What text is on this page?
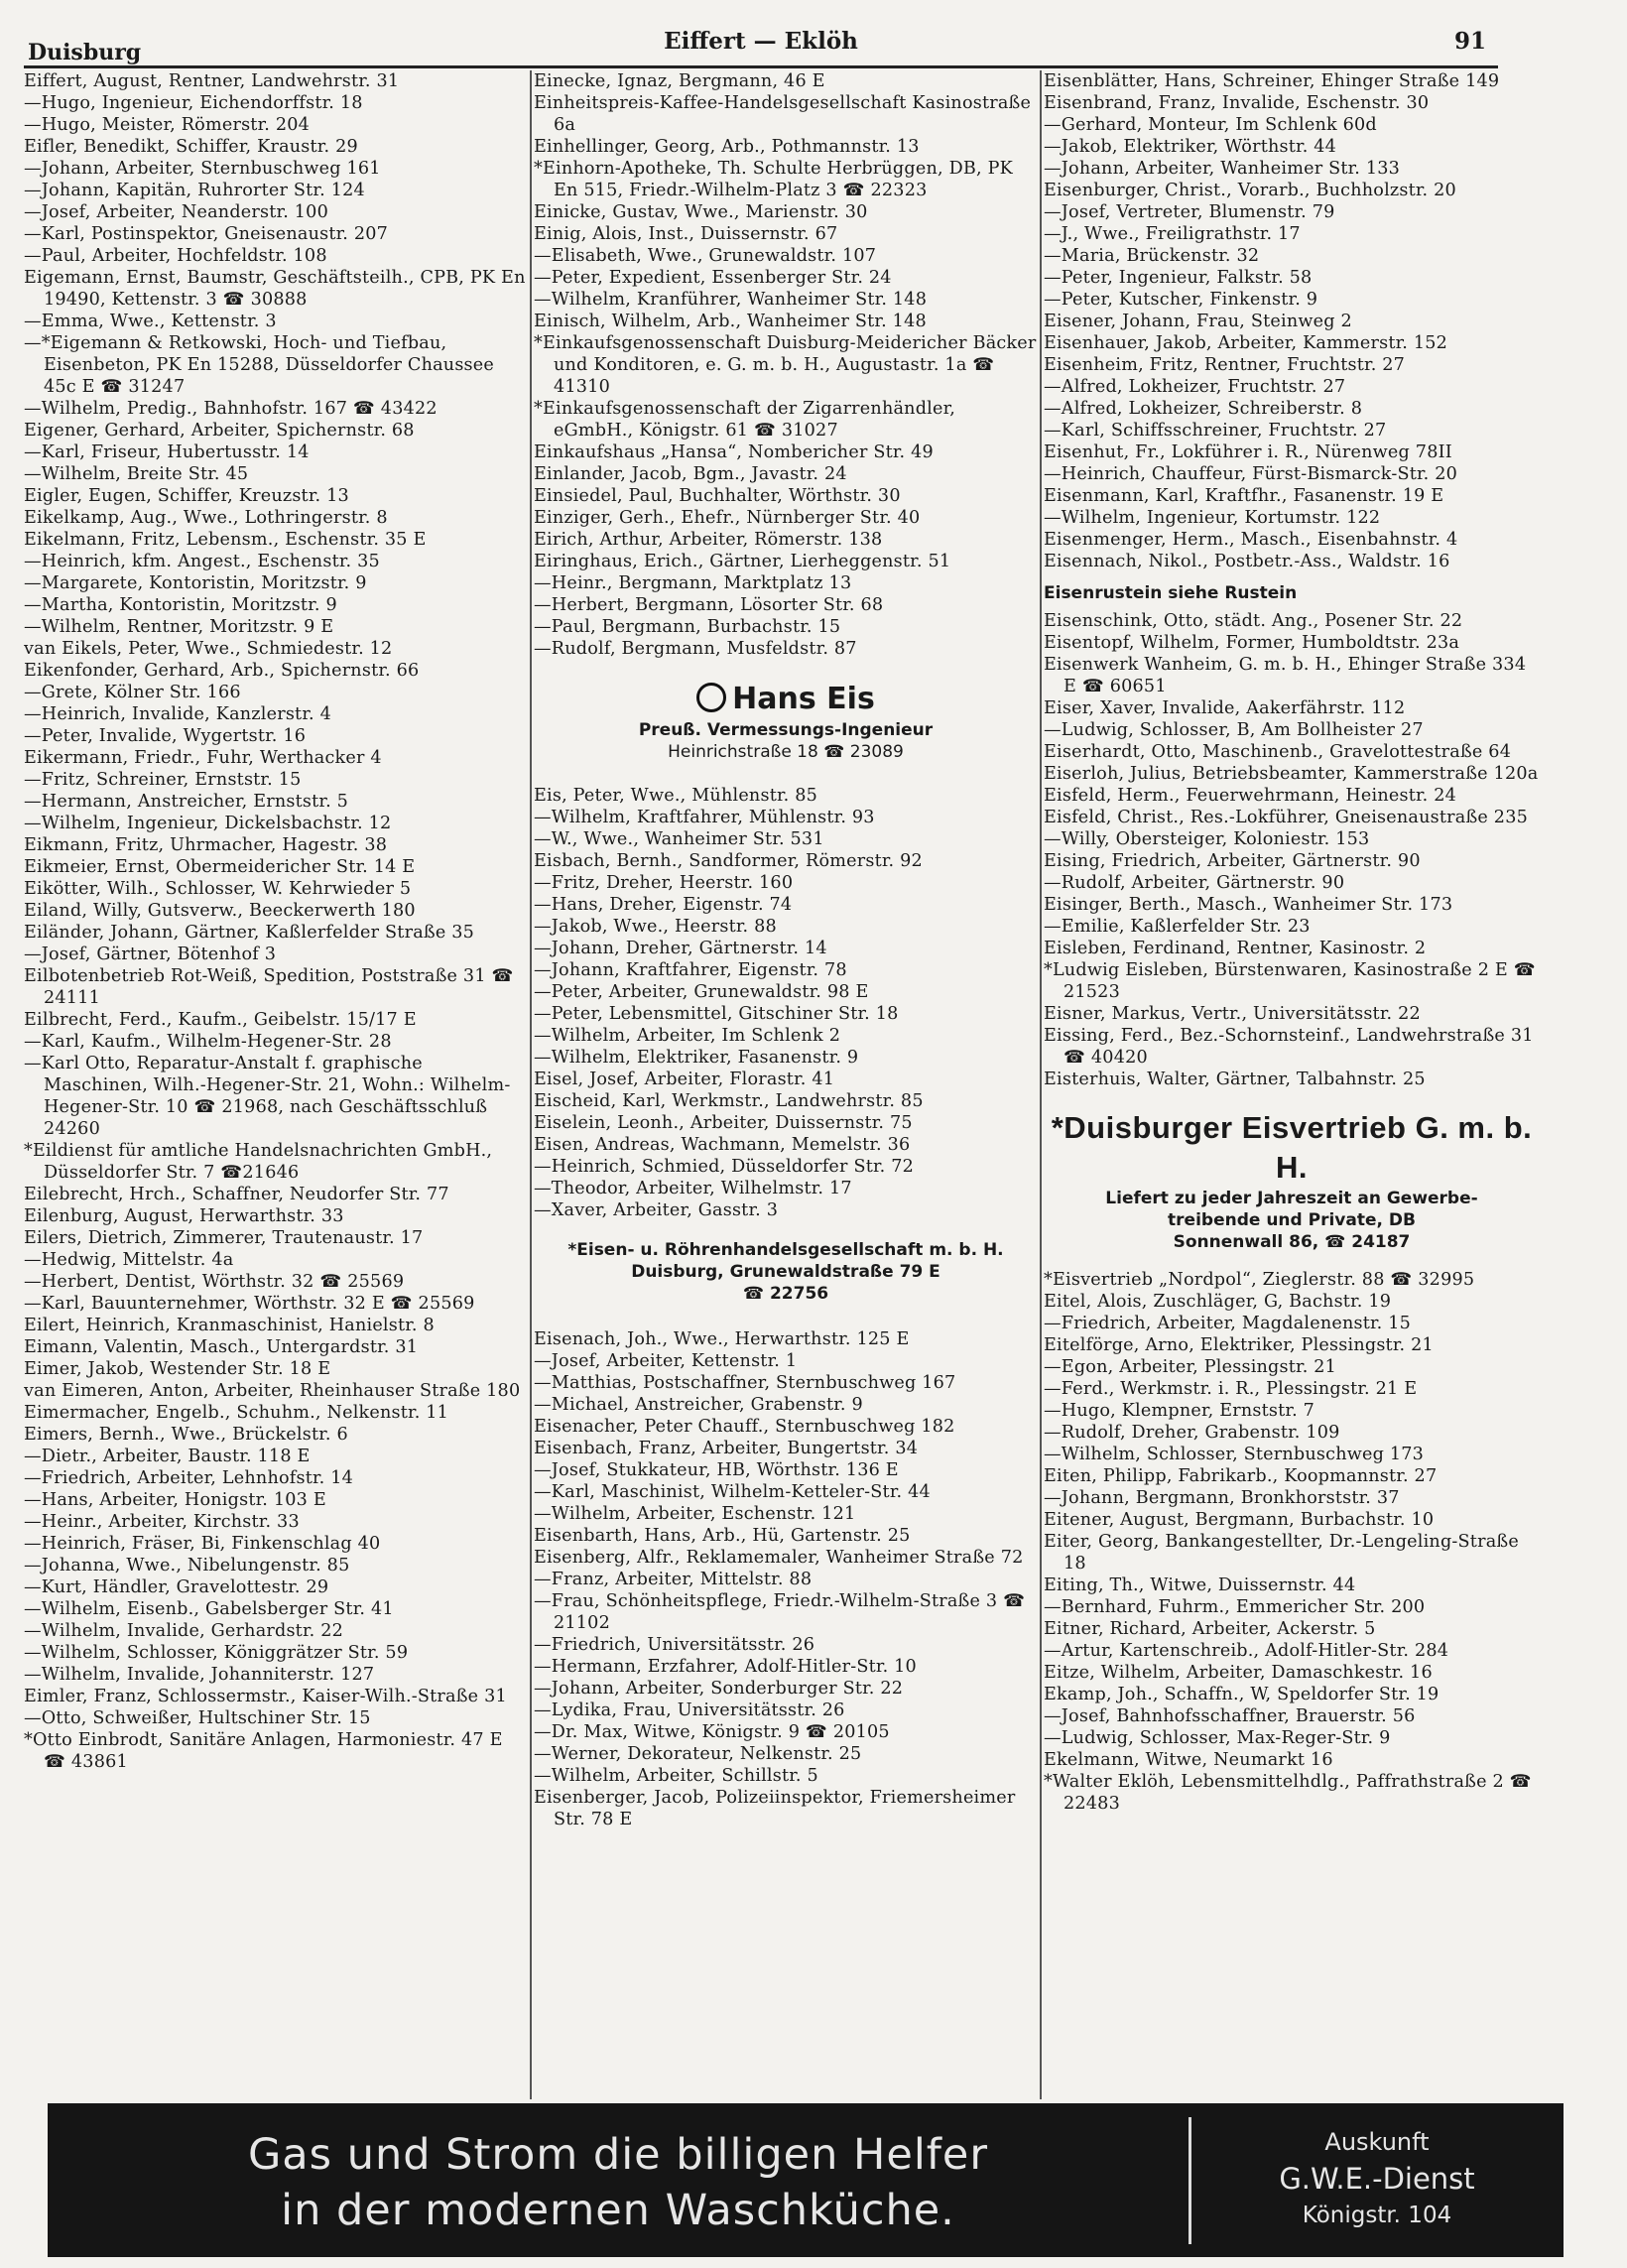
Duisburg	Eiffert — Eklöh	91
Eiffert, August, Rentner, Landwehrstr. 31
—Hugo, Ingenieur, Eichendorffstr. 18
—Hugo, Meister, Römerstr. 204
Eifler, Benedikt, Schiffer, Kraustr. 29
—Johann, Arbeiter, Sternbuschweg 161
—Johann, Kapitän, Ruhrorter Str. 124
—Josef, Arbeiter, Neanderstr. 100
—Karl, Postinspektor, Gneisenaustr. 207
—Paul, Arbeiter, Hochfeldstr. 108
Eigemann, Ernst, Baumstr, Geschäftsteilh., CPB, PK En 19490, Kettenstr. 3 ☎ 30888
—Emma, Wwe., Kettenstr. 3
—*Eigemann & Retkowski, Hoch- und Tiefbau, Eisenbeton, PK En 15288, Düsseldorfer Chaussee 45c E ☎ 31247
—Wilhelm, Predig., Bahnhofstr. 167 ☎ 43422
Eigener, Gerhard, Arbeiter, Spichernstr. 68
—Karl, Friseur, Hubertusstr. 14
—Wilhelm, Breite Str. 45
Eigler, Eugen, Schiffer, Kreuzstr. 13
Eikelkamp, Aug., Wwe., Lothringerstr. 8
Eikelmann, Fritz, Lebensm., Eschenstr. 35 E
—Heinrich, kfm. Angest., Eschenstr. 35
—Margarete, Kontoristin, Moritzstr. 9
—Martha, Kontoristin, Moritzstr. 9
—Wilhelm, Rentner, Moritzstr. 9 E
van Eikels, Peter, Wwe., Schmiedestr. 12
Eikenfonder, Gerhard, Arb., Spichernstr. 66
—Grete, Kölner Str. 166
—Heinrich, Invalide, Kanzlerstr. 4
—Peter, Invalide, Wygertstr. 16
Eikermann, Friedr., Fuhr, Werthacker 4
—Fritz, Schreiner, Ernststr. 15
—Hermann, Anstreicher, Ernststr. 5
—Wilhelm, Ingenieur, Dickelsbachstr. 12
Eikmann, Fritz, Uhrmacher, Hagestr. 38
Eikmeier, Ernst, Obermeidericher Str. 14 E
Eikötter, Wilh., Schlosser, W. Kehrwieder 5
Eiland, Willy, Gutsverw., Beeckerwerth 180
Eiländer, Johann, Gärtner, Kaßlerfelder Straße 35
—Josef, Gärtner, Bötenhof 3
Eilbotenbetrieb Rot-Weiß, Spedition, Poststraße 31 ☎ 24111
Eilbrecht, Ferd., Kaufm., Geibelstr. 15/17 E
—Karl, Kaufm., Wilhelm-Hegener-Str. 28
—Karl Otto, Reparatur-Anstalt f. graphische Maschinen, Wilh.-Hegener-Str. 21, Wohn.: Wilhelm-Hegener-Str. 10 ☎ 21968, nach Geschäftsschluß 24260
*Eildienst für amtliche Handelsnachrichten GmbH., Düsseldorfer Str. 7 ☎21646
Eilebrecht, Hrch., Schaffner, Neudorfer Str. 77
Eilenburg, August, Herwarthstr. 33
Eilers, Dietrich, Zimmerer, Trautenaustr. 17
—Hedwig, Mittelstr. 4a
—Herbert, Dentist, Wörthstr. 32 ☎ 25569
—Karl, Bauunternehmer, Wörthstr. 32 E ☎ 25569
Eilert, Heinrich, Kranmaschinist, Hanielstr. 8
Eimann, Valentin, Masch., Untergardstr. 31
Eimer, Jakob, Westender Str. 18 E
van Eimeren, Anton, Arbeiter, Rheinhauser Straße 180
Eimermacher, Engelb., Schuhm., Nelkenstr. 11
Eimers, Bernh., Wwe., Brückelstr. 6
—Dietr., Arbeiter, Baustr. 118 E
—Friedrich, Arbeiter, Lehnhofstr. 14
—Hans, Arbeiter, Honigstr. 103 E
—Heinr., Arbeiter, Kirchstr. 33
—Heinrich, Fräser, Bi, Finkenschlag 40
—Johanna, Wwe., Nibelungenstr. 85
—Kurt, Händler, Gravelottestr. 29
—Wilhelm, Eisenb., Gabelsberger Str. 41
—Wilhelm, Invalide, Gerhardstr. 22
—Wilhelm, Schlosser, Königgrätzer Str. 59
—Wilhelm, Invalide, Johanniterstr. 127
Eimler, Franz, Schlossermstr., Kaiser-Wilh.-Straße 31
—Otto, Schweißer, Hultschiner Str. 15
*Otto Einbrodt, Sanitäre Anlagen, Harmoniestr. 47 E ☎ 43861
Einecke, Ignaz, Bergmann, 46 E
Einheitspreis-Kaffee-Handelsgesellschaft Kasinostraße 6a
Einhellinger, Georg, Arb., Pothmannstr. 13
*Einhorn-Apotheke, Th. Schulte Herbrüggen, DB, PK En 515, Friedr.-Wilhelm-Platz 3 ☎ 22323
Einicke, Gustav, Wwe., Marienstr. 30
Einig, Alois, Inst., Duissernstr. 67
—Elisabeth, Wwe., Grunewaldstr. 107
—Peter, Expedient, Essenberger Str. 24
—Wilhelm, Kranführer, Wanheimer Str. 148
Einisch, Wilhelm, Arb., Wanheimer Str. 148
*Einkaufsgenossenschaft Duisburg-Meidericher Bäcker und Konditoren, e. G. m. b. H., Augustastr. 1a ☎ 41310
*Einkaufsgenossenschaft der Zigarrenhändler, eGmbH., Königstr. 61 ☎ 31027
Einkaufshaus „Hansa“, Nombericher Str. 49
Einlander, Jacob, Bgm., Javastr. 24
Einsiedel, Paul, Buchhalter, Wörthstr. 30
Einziger, Gerh., Ehefr., Nürnberger Str. 40
Eirich, Arthur, Arbeiter, Römerstr. 138
Eiringhaus, Erich., Gärtner, Lierheggenstr. 51
—Heinr., Bergmann, Marktplatz 13
—Herbert, Bergmann, Lösorter Str. 68
—Paul, Bergmann, Burbachstr. 15
—Rudolf, Bergmann, Musfeldstr. 87
Hans Eis
Preuß. Vermessungs-Ingenieur
Heinrichstraße 18 ☎ 23089
Eis, Peter, Wwe., Mühlenstr. 85
—Wilhelm, Kraftfahrer, Mühlenstr. 93
—W., Wwe., Wanheimer Str. 531
Eisbach, Bernh., Sandformer, Römerstr. 92
—Fritz, Dreher, Heerstr. 160
—Hans, Dreher, Eigenstr. 74
—Jakob, Wwe., Heerstr. 88
—Johann, Dreher, Gärtnerstr. 14
—Johann, Kraftfahrer, Eigenstr. 78
—Peter, Arbeiter, Grunewaldstr. 98 E
—Peter, Lebensmittel, Gitschiner Str. 18
—Wilhelm, Arbeiter, Im Schlenk 2
—Wilhelm, Elektriker, Fasanenstr. 9
Eisel, Josef, Arbeiter, Florastr. 41
Eischeid, Karl, Werkmstr., Landwehrstr. 85
Eiselein, Leonh., Arbeiter, Duissernstr. 75
Eisen, Andreas, Wachmann, Memelstr. 36
—Heinrich, Schmied, Düsseldorfer Str. 72
—Theodor, Arbeiter, Wilhelmstr. 17
—Xaver, Arbeiter, Gasstr. 3
*Eisen- u. Röhrenhandelsgesellschaft m. b. H.
Duisburg, Grunewaldstraße 79 E
☎ 22756
Eisenach, Joh., Wwe., Herwarthstr. 125 E
—Josef, Arbeiter, Kettenstr. 1
—Matthias, Postschaffner, Sternbuschweg 167
—Michael, Anstreicher, Grabenstr. 9
Eisenacher, Peter Chauff., Sternbuschweg 182
Eisenbach, Franz, Arbeiter, Bungertstr. 34
—Josef, Stukkateur, HB, Wörthstr. 136 E
—Karl, Maschinist, Wilhelm-Ketteler-Str. 44
—Wilhelm, Arbeiter, Eschenstr. 121
Eisenbarth, Hans, Arb., Hü, Gartenstr. 25
Eisenberg, Alfr., Reklamemaler, Wanheimer Straße 72
—Franz, Arbeiter, Mittelstr. 88
—Frau, Schönheitspflege, Friedr.-Wilhelm-Straße 3 ☎ 21102
—Friedrich, Universitätsstr. 26
—Hermann, Erzfahrer, Adolf-Hitler-Str. 10
—Johann, Arbeiter, Sonderburger Str. 22
—Lydika, Frau, Universitätsstr. 26
—Dr. Max, Witwe, Königstr. 9 ☎ 20105
—Werner, Dekorateur, Nelkenstr. 25
—Wilhelm, Arbeiter, Schillstr. 5
Eisenberger, Jacob, Polizeiinspektor, Friemersheimer Str. 78 E
Eisenblätter, Hans, Schreiner, Ehinger Straße 149
Eisenbrand, Franz, Invalide, Eschenstr. 30
—Gerhard, Monteur, Im Schlenk 60d
—Jakob, Elektriker, Wörthstr. 44
—Johann, Arbeiter, Wanheimer Str. 133
Eisenburger, Christ., Vorarb., Buchholzstr. 20
—Josef, Vertreter, Blumenstr. 79
—J., Wwe., Freiligrathstr. 17
—Maria, Brückenstr. 32
—Peter, Ingenieur, Falkstr. 58
—Peter, Kutscher, Finkenstr. 9
Eisener, Johann, Frau, Steinweg 2
Eisenhauer, Jakob, Arbeiter, Kammerstr. 152
Eisenheim, Fritz, Rentner, Fruchtstr. 27
—Alfred, Lokheizer, Fruchtstr. 27
—Alfred, Lokheizer, Schreiberstr. 8
—Karl, Schiffsschreiner, Fruchtstr. 27
Eisenhut, Fr., Lokführer i. R., Nürenweg 78II
—Heinrich, Chauffeur, Fürst-Bismarck-Str. 20
Eisenmann, Karl, Kraftfhr., Fasanenstr. 19 E
—Wilhelm, Ingenieur, Kortumstr. 122
Eisenmenger, Herm., Masch., Eisenbahnstr. 4
Eisennach, Nikol., Postbetr.-Ass., Waldstr. 16
Eisenrustein siehe Rustein
Eisenschink, Otto, städt. Ang., Posener Str. 22
Eisentopf, Wilhelm, Former, Humboldtstr. 23a
Eisenwerk Wanheim, G. m. b. H., Ehinger Straße 334 E ☎ 60651
Eiser, Xaver, Invalide, Aakerfährstr. 112
—Ludwig, Schlosser, B, Am Bollheister 27
Eiserhardt, Otto, Maschinenb., Gravelottestraße 64
Eiserloh, Julius, Betriebsbeamter, Kammerstraße 120a
Eisfeld, Herm., Feuerwehrmann, Heinestr. 24
Eisfeld, Christ., Res.-Lokführer, Gneisenaustraße 235
—Willy, Obersteiger, Koloniestr. 153
Eising, Friedrich, Arbeiter, Gärtnerstr. 90
—Rudolf, Arbeiter, Gärtnerstr. 90
Eisinger, Berth., Masch., Wanheimer Str. 173
—Emilie, Kaßlerfelder Str. 23
Eisleben, Ferdinand, Rentner, Kasinostr. 2
*Ludwig Eisleben, Bürstenwaren, Kasinostraße 2 E ☎ 21523
Eisner, Markus, Vertr., Universitätsstr. 22
Eissing, Ferd., Bez.-Schornsteinf., Landwehrstraße 31 ☎ 40420
Eisterhuis, Walter, Gärtner, Talbahnstr. 25
*Duisburger Eisvertrieb G. m. b. H.
Liefert zu jeder Jahreszeit an Gewerbe-
treibende und Private, DB
Sonnenwall 86, ☎ 24187
*Eisvertrieb „Nordpol“, Zieglerstr. 88 ☎ 32995
Eitel, Alois, Zuschläger, G, Bachstr. 19
—Friedrich, Arbeiter, Magdalenenstr. 15
Eitelförge, Arno, Elektriker, Plessingstr. 21
—Egon, Arbeiter, Plessingstr. 21
—Ferd., Werkmstr. i. R., Plessingstr. 21 E
—Hugo, Klempner, Ernststr. 7
—Rudolf, Dreher, Grabenstr. 109
—Wilhelm, Schlosser, Sternbuschweg 173
Eiten, Philipp, Fabrikarb., Koopmannstr. 27
—Johann, Bergmann, Bronkhorststr. 37
Eitener, August, Bergmann, Burbachstr. 10
Eiter, Georg, Bankangestellter, Dr.-Lengeling-Straße 18
Eiting, Th., Witwe, Duissernstr. 44
—Bernhard, Fuhrm., Emmericher Str. 200
Eitner, Richard, Arbeiter, Ackerstr. 5
—Artur, Kartenschreib., Adolf-Hitler-Str. 284
Eitze, Wilhelm, Arbeiter, Damaschkestr. 16
Ekamp, Joh., Schaffn., W, Speldorfer Str. 19
—Josef, Bahnhofsschaffner, Brauerstr. 56
—Ludwig, Schlosser, Max-Reger-Str. 9
Ekelmann, Witwe, Neumarkt 16
*Walter Eklöh, Lebensmittelhdlg., Paffrathstraße 2 ☎ 22483
Gas und Strom die billigen Helfer
in der modernen Waschküche.
Auskunft
G.W.E.-Dienst
Königstr. 104
